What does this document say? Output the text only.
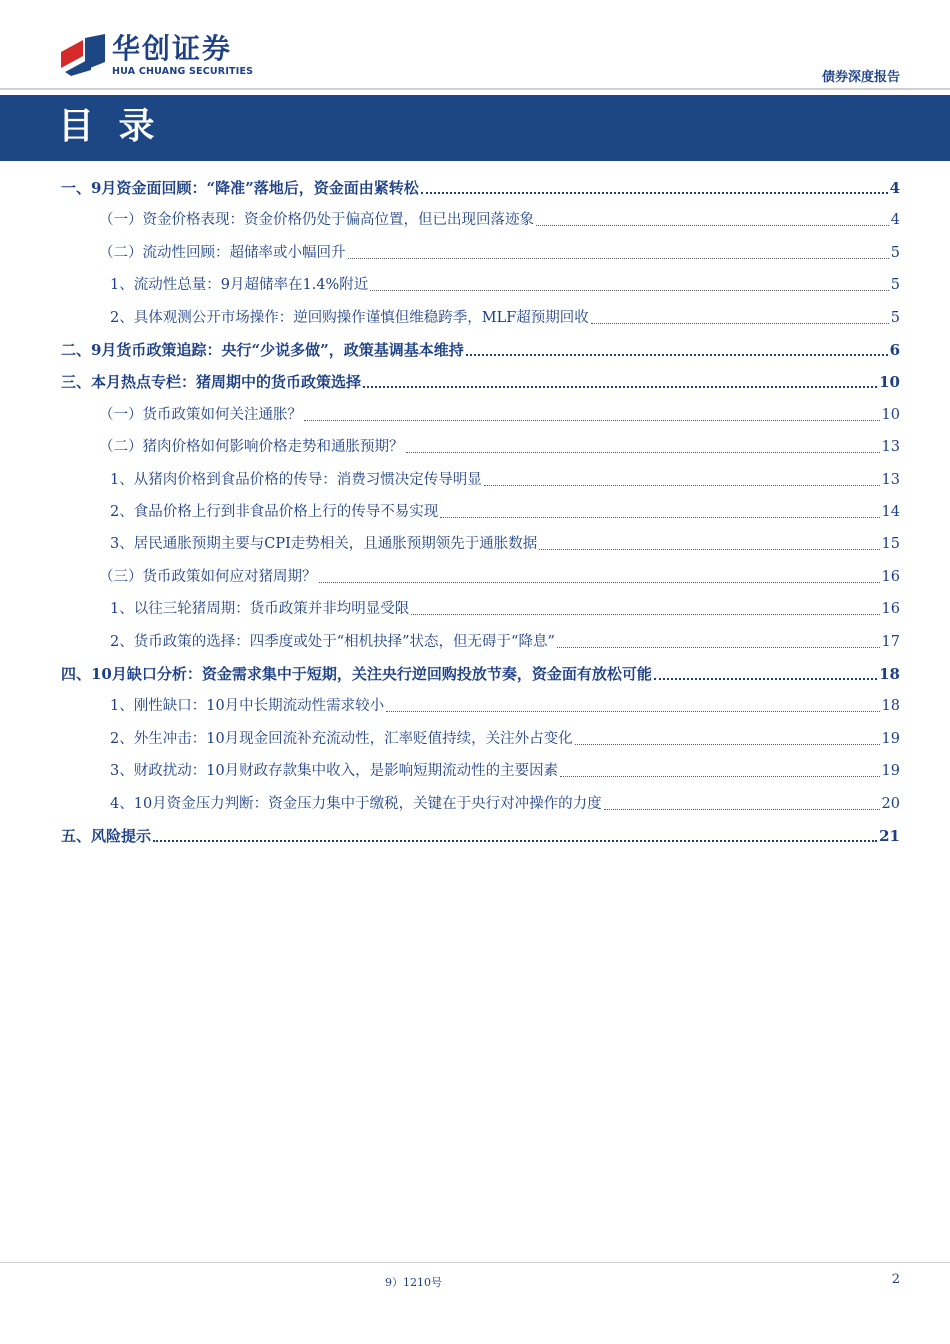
华创证券
HUA CHUANG SECURITIES	债券深度报告
目 录
一、9月资金面回顾：“降准”落地后，资金面由紧转松	4
（一）资金价格表现：资金价格仍处于偏高位置，但已出现回落迹象	4
（二）流动性回顾：超储率或小幅回升	5
1、流动性总量：9月超储率在1.4%附近	5
2、具体观测公开市场操作：逆回购操作谨慎但维稳跨季，MLF超预期回收	5
二、9月货币政策追踪：央行“少说多做”，政策基调基本维持	6
三、本月热点专栏：猪周期中的货币政策选择	10
（一）货币政策如何关注通胀？	10
（二）猪肉价格如何影响价格走势和通胀预期？	13
1、从猪肉价格到食品价格的传导：消费习惯决定传导明显	13
2、食品价格上行到非食品价格上行的传导不易实现	14
3、居民通胀预期主要与CPI走势相关，且通胀预期领先于通胀数据	15
（三）货币政策如何应对猪周期？	16
1、以往三轮猪周期：货币政策并非均明显受限	16
2、货币政策的选择：四季度或处于“相机抉择”状态，但无碍于“降息”	17
四、10月缺口分析：资金需求集中于短期，关注央行逆回购投放节奏，资金面有放松可能	18
1、刚性缺口：10月中长期流动性需求较小	18
2、外生冲击：10月现金回流补充流动性，汇率贬值持续，关注外占变化	19
3、财政扰动：10月财政存款集中收入，是影响短期流动性的主要因素	19
4、10月资金压力判断：资金压力集中于缴税，关键在于央行对冲操作的力度	20
五、风险提示	21
9）1210号	2
